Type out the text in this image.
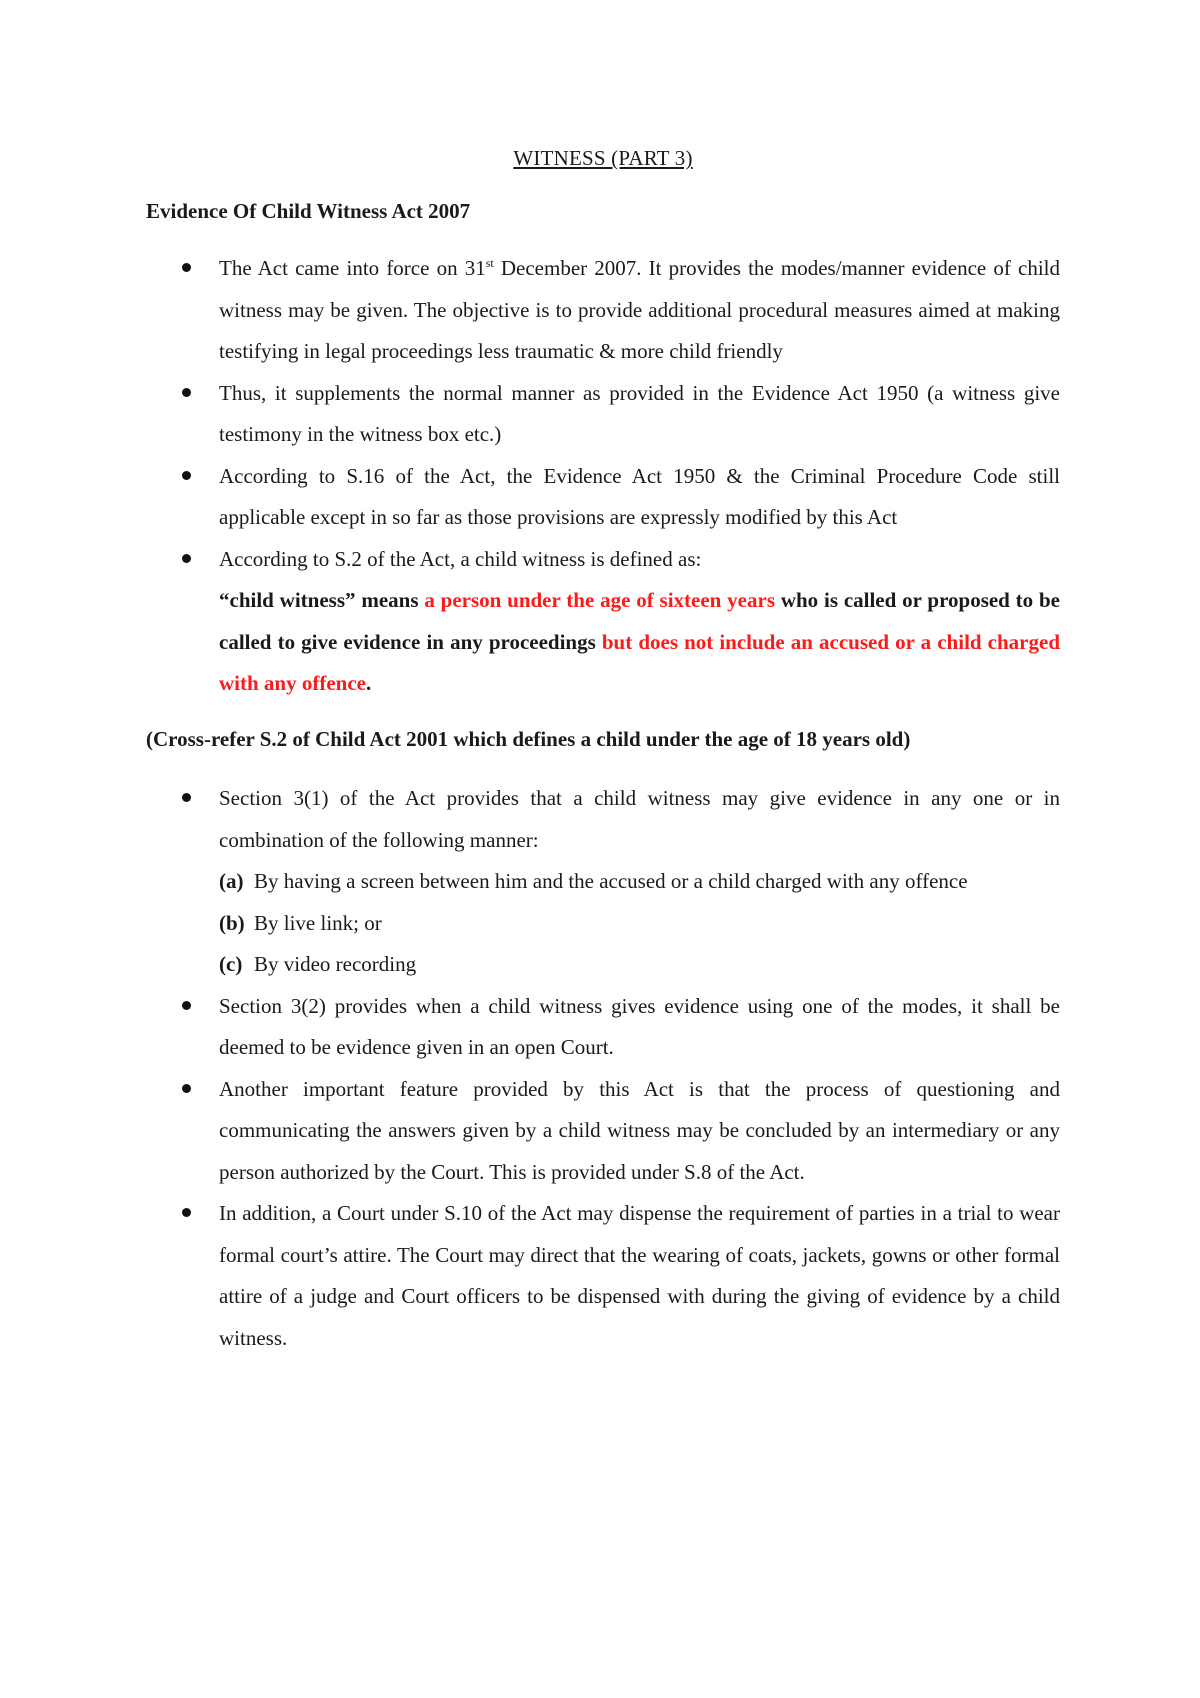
WITNESS (PART 3)
Evidence Of Child Witness Act 2007
The Act came into force on 31st December 2007. It provides the modes/manner evidence of child witness may be given. The objective is to provide additional procedural measures aimed at making testifying in legal proceedings less traumatic & more child friendly
Thus, it supplements the normal manner as provided in the Evidence Act 1950 (a witness give testimony in the witness box etc.)
According to S.16 of the Act, the Evidence Act 1950 & the Criminal Procedure Code still applicable except in so far as those provisions are expressly modified by this Act
According to S.2 of the Act, a child witness is defined as:
“child witness” means a person under the age of sixteen years who is called or proposed to be called to give evidence in any proceedings but does not include an accused or a child charged with any offence.
(Cross-refer S.2 of Child Act 2001 which defines a child under the age of 18 years old)
Section 3(1) of the Act provides that a child witness may give evidence in any one or in combination of the following manner:
(a) By having a screen between him and the accused or a child charged with any offence
(b) By live link; or
(c) By video recording
Section 3(2) provides when a child witness gives evidence using one of the modes, it shall be deemed to be evidence given in an open Court.
Another important feature provided by this Act is that the process of questioning and communicating the answers given by a child witness may be concluded by an intermediary or any person authorized by the Court. This is provided under S.8 of the Act.
In addition, a Court under S.10 of the Act may dispense the requirement of parties in a trial to wear formal court’s attire. The Court may direct that the wearing of coats, jackets, gowns or other formal attire of a judge and Court officers to be dispensed with during the giving of evidence by a child witness.
